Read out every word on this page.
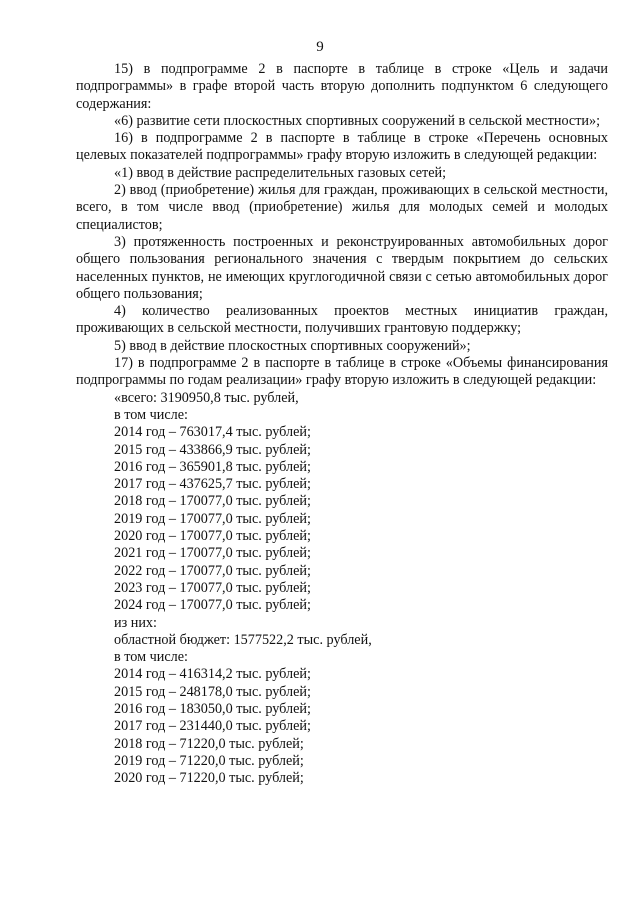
9

15) в подпрограмме 2 в паспорте в таблице в строке «Цель и задачи подпрограммы» в графе второй часть вторую дополнить подпунктом 6 следующего содержания:

«6) развитие сети плоскостных спортивных сооружений в сельской местности»;

16) в подпрограмме 2 в паспорте в таблице в строке «Перечень основных целевых показателей подпрограммы» графу вторую изложить в следующей редакции:

«1) ввод в действие распределительных газовых сетей;

2) ввод (приобретение) жилья для граждан, проживающих в сельской местности, всего, в том числе ввод (приобретение) жилья для молодых семей и молодых специалистов;

3) протяженность построенных и реконструированных автомобильных дорог общего пользования регионального значения с твердым покрытием до сельских населенных пунктов, не имеющих круглогодичной связи с сетью автомобильных дорог общего пользования;

4) количество реализованных проектов местных инициатив граждан, проживающих в сельской местности, получивших грантовую поддержку;

5) ввод в действие плоскостных спортивных сооружений»;

17) в подпрограмме 2 в паспорте в таблице в строке «Объемы финансирования подпрограммы по годам реализации» графу вторую изложить в следующей редакции:

«всего: 3190950,8 тыс. рублей,
в том числе:
2014 год – 763017,4 тыс. рублей;
2015 год – 433866,9 тыс. рублей;
2016 год – 365901,8 тыс. рублей;
2017 год – 437625,7 тыс. рублей;
2018 год – 170077,0 тыс. рублей;
2019 год – 170077,0 тыс. рублей;
2020 год – 170077,0 тыс. рублей;
2021 год – 170077,0 тыс. рублей;
2022 год – 170077,0 тыс. рублей;
2023 год – 170077,0 тыс. рублей;
2024 год – 170077,0 тыс. рублей;
из них:
областной бюджет: 1577522,2 тыс. рублей,
в том числе:
2014 год – 416314,2 тыс. рублей;
2015 год – 248178,0 тыс. рублей;
2016 год – 183050,0 тыс. рублей;
2017 год – 231440,0 тыс. рублей;
2018 год – 71220,0 тыс. рублей;
2019 год – 71220,0 тыс. рублей;
2020 год – 71220,0 тыс. рублей;
